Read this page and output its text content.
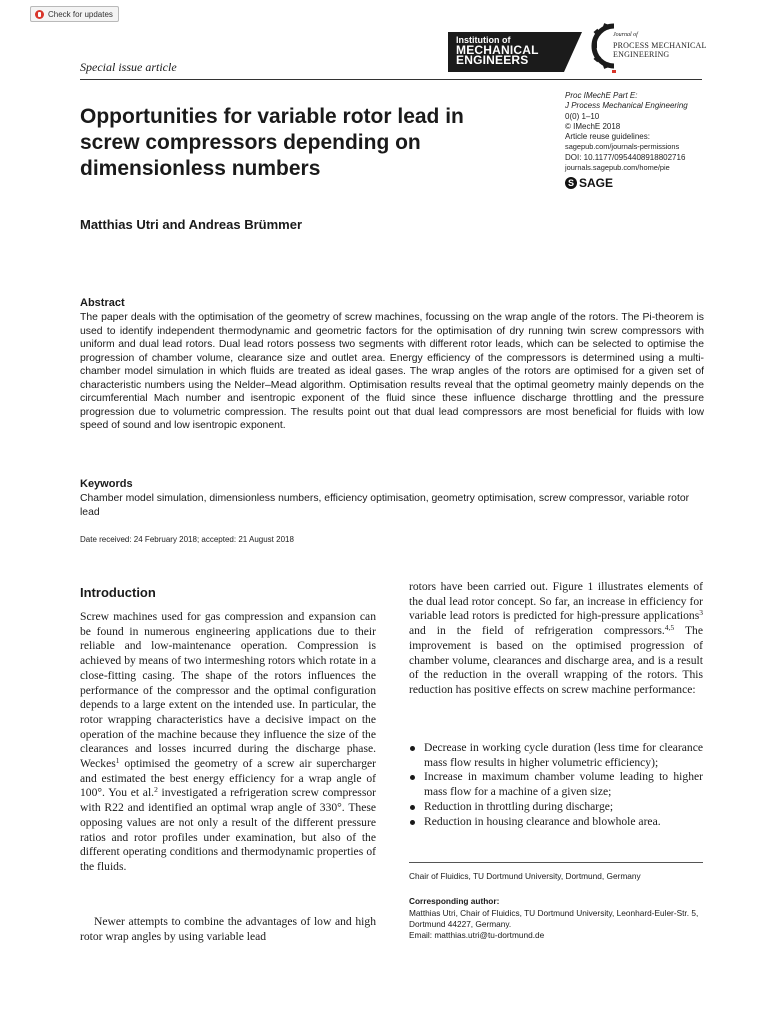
Check for updates
Special issue article
Institution of
MECHANICAL
ENGINEERS
Journal of
PROCESS MECHANICAL
ENGINEERING
Opportunities for variable rotor lead in screw compressors depending on dimensionless numbers
Proc IMechE Part E:
J Process Mechanical Engineering
0(0) 1–10
© IMechE 2018
Article reuse guidelines:
sagepub.com/journals-permissions
DOI: 10.1177/0954408918802716
journals.sagepub.com/home/pie
S SAGE
Matthias Utri and Andreas Brümmer
Abstract

The paper deals with the optimisation of the geometry of screw machines, focussing on the wrap angle of the rotors. The Pi-theorem is used to identify independent thermodynamic and geometric factors for the optimisation of dry running twin screw compressors with uniform and dual lead rotors. Dual lead rotors possess two segments with different rotor leads, which can be selected to optimise the progression of chamber volume, clearance size and outlet area. Energy efficiency of the compressors is determined using a multi-chamber model simulation in which fluids are treated as ideal gases. The wrap angles of the rotors are optimised for a given set of characteristic numbers using the Nelder–Mead algorithm. Optimisation results reveal that the optimal geometry mainly depends on the circumferential Mach number and isentropic exponent of the fluid since these influence discharge throttling and the pressure progression due to volumetric compression. The results point out that dual lead compressors are most beneficial for fluids with low speed of sound and low isentropic exponent.

Keywords

Chamber model simulation, dimensionless numbers, efficiency optimisation, geometry optimisation, screw compressor, variable rotor lead

Date received: 24 February 2018; accepted: 21 August 2018
Introduction

Screw machines used for gas compression and expansion can be found in numerous engineering applications due to their reliable and low-maintenance operation. Compression is achieved by means of two intermeshing rotors which rotate in a close-fitting casing. The shape of the rotors influences the performance of the compressor and the optimal configuration depends to a large extent on the intended use. In particular, the rotor wrapping characteristics have a decisive impact on the operation of the machine because they influence the size of the clearances and losses incurred during the discharge phase. Weckes$^1$ optimised the geometry of a screw air supercharger and estimated the best energy efficiency for a wrap angle of 100°. You et al.$^2$ investigated a refrigeration screw compressor with R22 and identified an optimal wrap angle of 330°. These opposing values are not only a result of the different pressure ratios and rotor profiles under examination, but also of the different operating conditions and thermodynamic properties of the fluids.

Newer attempts to combine the advantages of low and high rotor wrap angles by using variable lead

rotors have been carried out. Figure 1 illustrates elements of the dual lead rotor concept. So far, an increase in efficiency for variable lead rotors is predicted for high-pressure applications$^3$ and in the field of refrigeration compressors.$^{4,5}$ The improvement is based on the optimised progression of chamber volume, clearances and discharge area, and is a result of the reduction in the overall wrapping of the rotors. This reduction has positive effects on screw machine performance:

Decrease in working cycle duration (less time for clearance mass flow results in higher volumetric efficiency);
Increase in maximum chamber volume leading to higher mass flow for a machine of a given size;
Reduction in throttling during discharge;
Reduction in housing clearance and blowhole area.
Chair of Fluidics, TU Dortmund University, Dortmund, Germany
Corresponding author:
Matthias Utri, Chair of Fluidics, TU Dortmund University, Leonhard-Euler-Str. 5, Dortmund 44227, Germany.
Email: matthias.utri@tu-dortmund.de
